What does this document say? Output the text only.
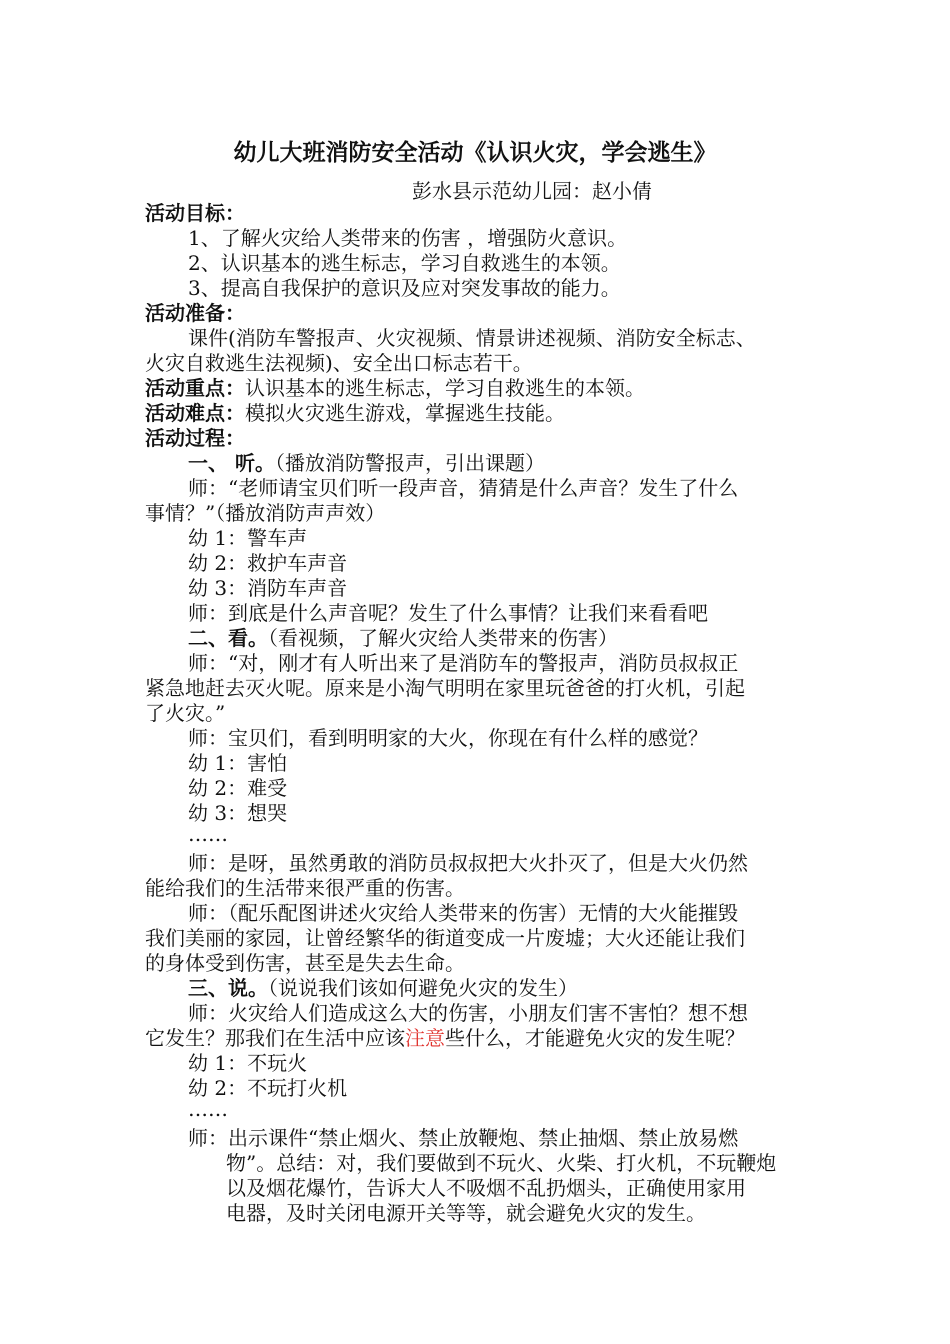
幼儿大班消防安全活动《认识火灾，学会逃生》
彭水县示范幼儿园：赵小倩
活动目标：
1、了解火灾给人类带来的伤害 ，增强防火意识。
2、认识基本的逃生标志，学习自救逃生的本领。
3、提高自我保护的意识及应对突发事故的能力。
活动准备：
课件(消防车警报声、火灾视频、情景讲述视频、消防安全标志、
火灾自救逃生法视频)、安全出口标志若干。
活动重点：认识基本的逃生标志，学习自救逃生的本领。
活动难点：模拟火灾逃生游戏，掌握逃生技能。
活动过程：
一、 听。（播放消防警报声，引出课题）
师：“老师请宝贝们听一段声音，猜猜是什么声音？发生了什么
事情？”（播放消防声声效）
幼 1：警车声
幼 2：救护车声音
幼 3：消防车声音
师：到底是什么声音呢？发生了什么事情？让我们来看看吧
二、看。（看视频，了解火灾给人类带来的伤害）
师：“对，刚才有人听出来了是消防车的警报声，消防员叔叔正
紧急地赶去灭火呢。原来是小淘气明明在家里玩爸爸的打火机，引起
了火灾。”
师：宝贝们，看到明明家的大火，你现在有什么样的感觉？
幼 1：害怕
幼 2：难受
幼 3：想哭
……
师：是呀，虽然勇敢的消防员叔叔把大火扑灭了，但是大火仍然
能给我们的生活带来很严重的伤害。
师：（配乐配图讲述火灾给人类带来的伤害）无情的大火能摧毁
我们美丽的家园，让曾经繁华的街道变成一片废墟；大火还能让我们
的身体受到伤害，甚至是失去生命。
三、说。（说说我们该如何避免火灾的发生）
师：火灾给人们造成这么大的伤害，小朋友们害不害怕？想不想
它发生？那我们在生活中应该注意些什么，才能避免火灾的发生呢？
幼 1：不玩火
幼 2：不玩打火机
……
师：出示课件“禁止烟火、禁止放鞭炮、禁止抽烟、禁止放易燃
物”。总结：对，我们要做到不玩火、火柴、打火机，不玩鞭炮
以及烟花爆竹，告诉大人不吸烟不乱扔烟头，正确使用家用
电器，及时关闭电源开关等等，就会避免火灾的发生。
